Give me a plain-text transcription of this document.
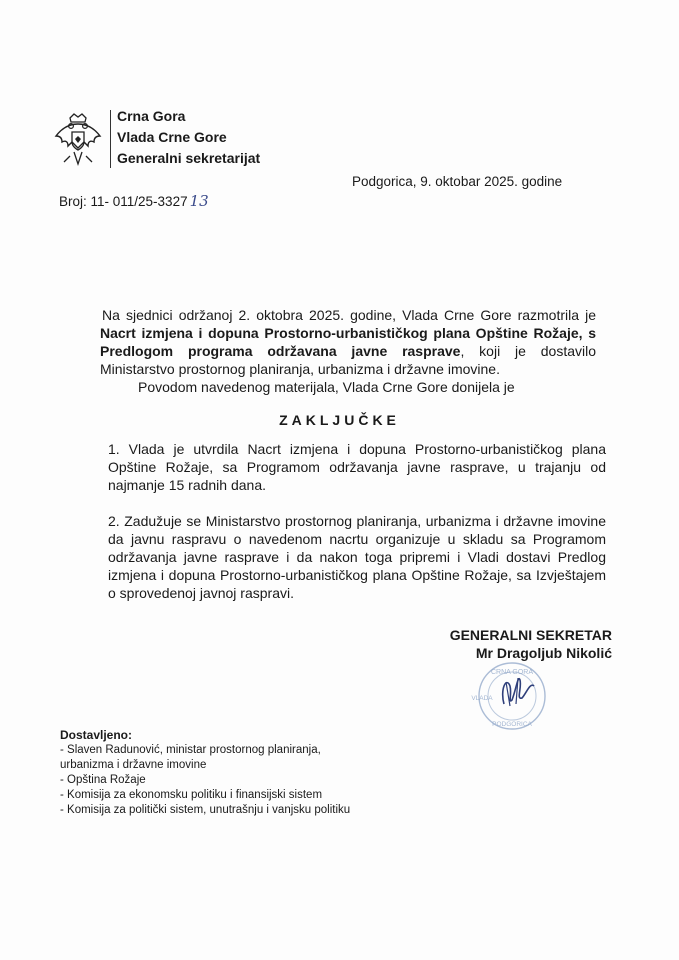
Crna Gora
Vlada Crne Gore
Generalni sekretarijat
Podgorica, 9. oktobar 2025. godine
Broj: 11- 011/25-3327 13

Na sjednici održanoj 2. oktobra 2025. godine, Vlada Crne Gore razmotrila je Nacrt izmjena i dopuna Prostorno-urbanističkog plana Opštine Rožaje, s Predlogom programa održavana javne rasprave, koji je dostavilo Ministarstvo prostornog planiranja, urbanizma i državne imovine.

Povodom navedenog materijala, Vlada Crne Gore donijela je

ZAKLJUČKE
1. Vlada je utvrdila Nacrt izmjena i dopuna Prostorno-urbanističkog plana Opštine Rožaje, sa Programom održavanja javne rasprave, u trajanju od najmanje 15 radnih dana.
2. Zadužuje se Ministarstvo prostornog planiranja, urbanizma i državne imovine da javnu raspravu o navedenom nacrtu organizuje u skladu sa Programom održavanja javne rasprave i da nakon toga pripremi i Vladi dostavi Predlog izmjena i dopuna Prostorno-urbanističkog plana Opštine Rožaje, sa Izvještajem o sprovedenoj javnoj raspravi.
GENERALNI SEKRETAR
Mr Dragoljub Nikolić
CRNA GORA
PODGORICA
VLADA
Dostavljeno:
- Slaven Radunović, ministar prostornog planiranja,
urbanizma i državne imovine
- Opština Rožaje
- Komisija za ekonomsku politiku i finansijski sistem
- Komisija za politički sistem, unutrašnju i vanjsku politiku
